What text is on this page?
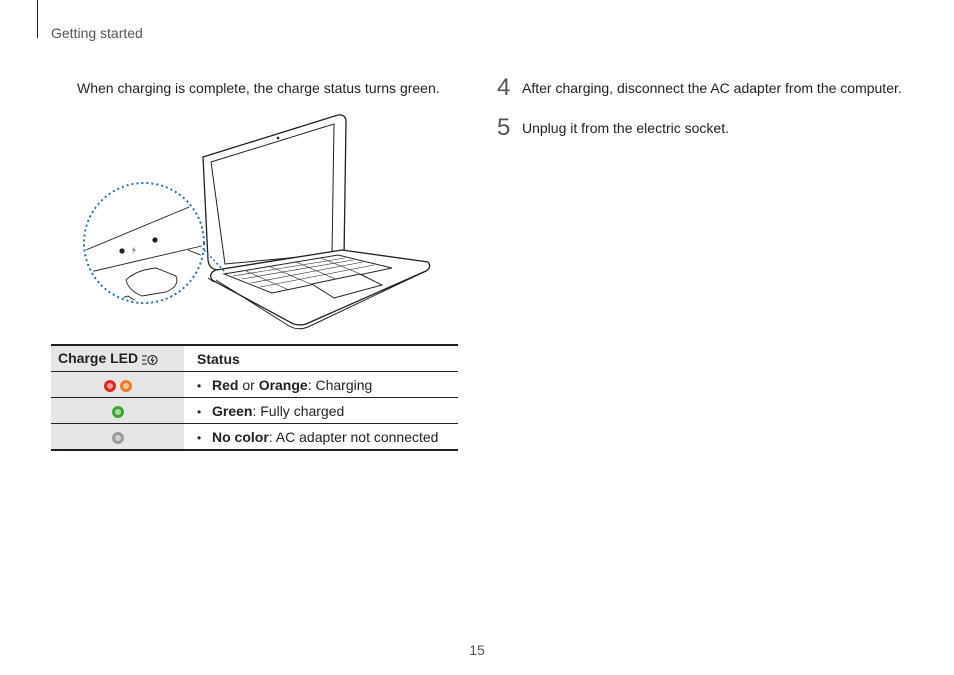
Getting started
When charging is complete, the charge status turns green.
⚡
Charge LED	Status
	• Red or Orange: Charging
	• Green: Fully charged
	• No color: AC adapter not connected
4 After charging, disconnect the AC adapter from the computer.
5 Unplug it from the electric socket.
15
